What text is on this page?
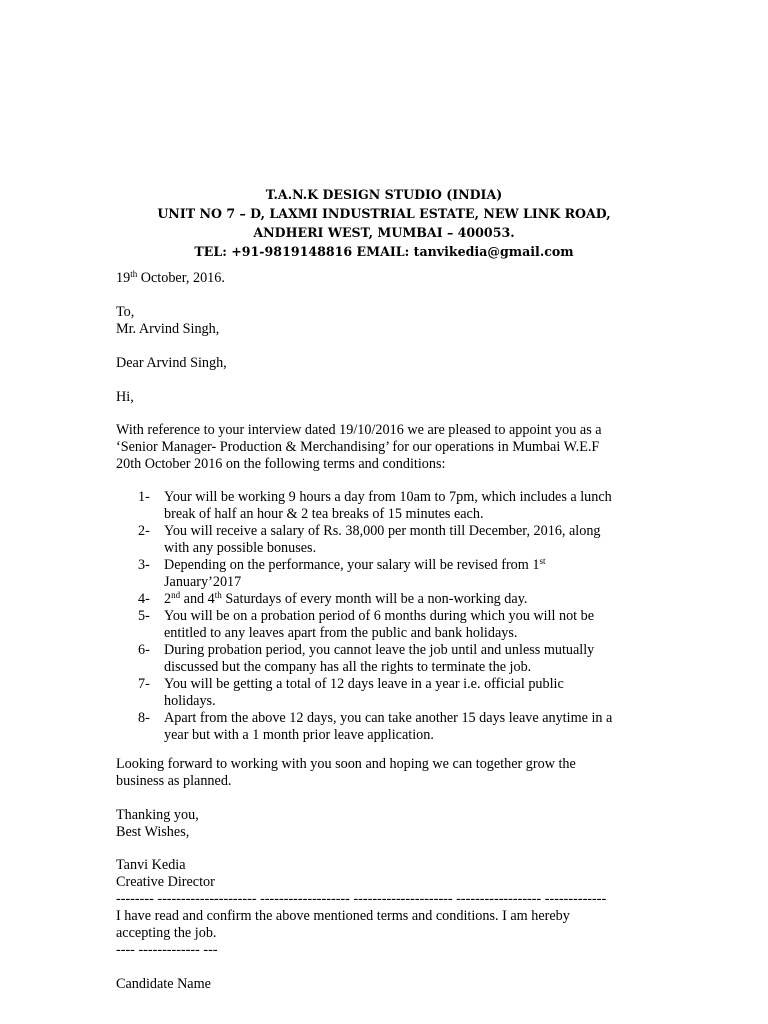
T.A.N.K DESIGN STUDIO (INDIA)
UNIT NO 7 – D, LAXMI INDUSTRIAL ESTATE, NEW LINK ROAD,
ANDHERI WEST, MUMBAI – 400053.
TEL: +91-9819148816 EMAIL: tanvikedia@gmail.com
19th October, 2016.

To,

Mr. Arvind Singh,

Dear Arvind Singh,
Hi,

With reference to your interview dated 19/10/2016 we are pleased to appoint you as a

‘Senior Manager- Production & Merchandising’ for our operations in Mumbai W.E.F

20th October 2016 on the following terms and conditions:

1- Your will be working 9 hours a day from 10am to 7pm, which includes a lunch
break of half an hour & 2 tea breaks of 15 minutes each.
2- You will receive a salary of Rs. 38,000 per month till December, 2016, along
with any possible bonuses.
3- Depending on the performance, your salary will be revised from 1st
January’2017
4- 2nd and 4th Saturdays of every month will be a non-working day.
5- You will be on a probation period of 6 months during which you will not be
entitled to any leaves apart from the public and bank holidays.
6- During probation period, you cannot leave the job until and unless mutually
discussed but the company has all the rights to terminate the job.
7- You will be getting a total of 12 days leave in a year i.e. official public
holidays.
8- Apart from the above 12 days, you can take another 15 days leave anytime in a
year but with a 1 month prior leave application.

Looking forward to working with you soon and hoping we can together grow the

business as planned.

Thanking you,

Best Wishes,

Tanvi Kedia

Creative Director

-------- --------------------- ------------------- --------------------- ------------------ -------------

I have read and confirm the above mentioned terms and conditions. I am hereby

accepting the job.

---- ------------- ---
Candidate Name
